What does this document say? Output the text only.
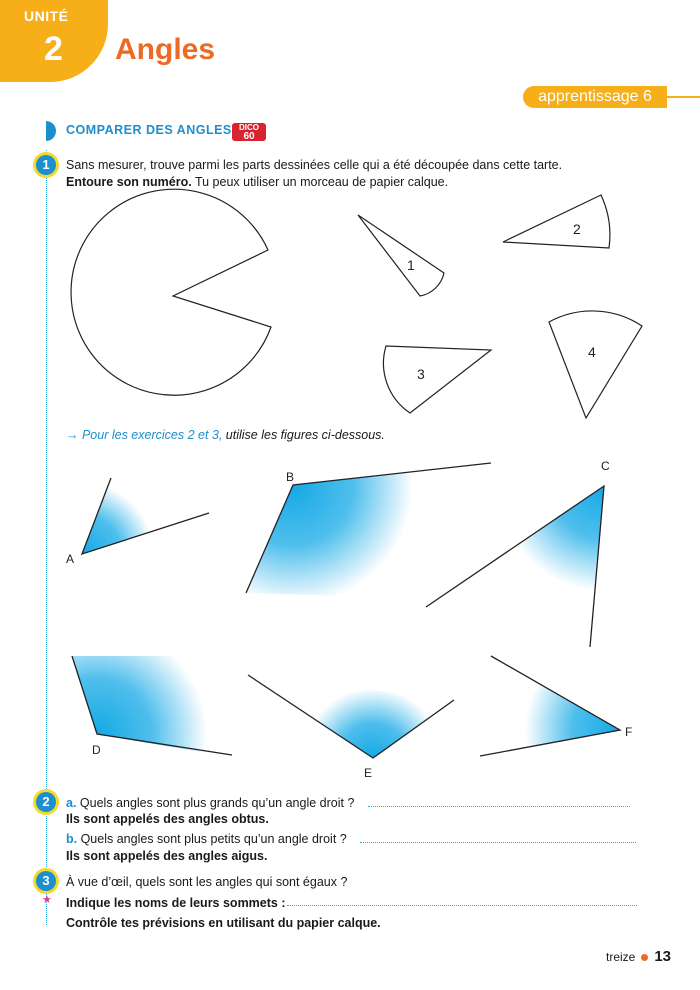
UNITÉ
2 Angles
apprentissage 6
COMPARER DES ANGLES DICO
60
1	Sans mesurer, trouve parmi les parts dessinées celle qui a été découpée dans cette tarte.
Entoure son numéro. Tu peux utiliser un morceau de papier calque.
1
2
3
4
A
B
C
D
E
F
→ Pour les exercices 2 et 3, utilise les figures ci-dessous.
2	a. Quels angles sont plus grands qu’un angle droit ?
Ils sont appelés des angles obtus.
b. Quels angles sont plus petits qu’un angle droit ?
Ils sont appelés des angles aigus.
3
★
À vue d’œil, quels sont les angles qui sont égaux ?
Indique les noms de leurs sommets :
Contrôle tes prévisions en utilisant du papier calque.
treize 13
